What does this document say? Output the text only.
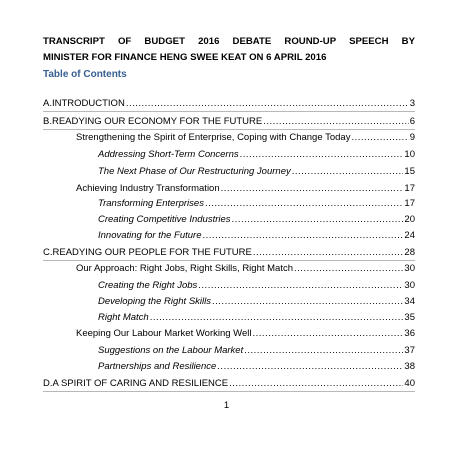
TRANSCRIPT OF BUDGET 2016 DEBATE ROUND-UP SPEECH BY
MINISTER FOR FINANCE HENG SWEE KEAT ON 6 APRIL 2016
Table of Contents
A. INTRODUCTION .....	3
B. READYING OUR ECONOMY FOR THE FUTURE .....	6
Strengthening the Spirit of Enterprise, Coping with Change Today .....	9
Addressing Short-Term Concerns .....	10
The Next Phase of Our Restructuring Journey .....	15
Achieving Industry Transformation .....	17
Transforming Enterprises .....	17
Creating Competitive Industries .....	20
Innovating for the Future .....	24
C. READYING OUR PEOPLE FOR THE FUTURE .....	28
Our Approach: Right Jobs, Right Skills, Right Match .....	30
Creating the Right Jobs .....	30
Developing the Right Skills .....	34
Right Match .....	35
Keeping Our Labour Market Working Well .....	36
Suggestions on the Labour Market .....	37
Partnerships and Resilience .....	38
D. A SPIRIT OF CARING AND RESILIENCE .....	40
1
